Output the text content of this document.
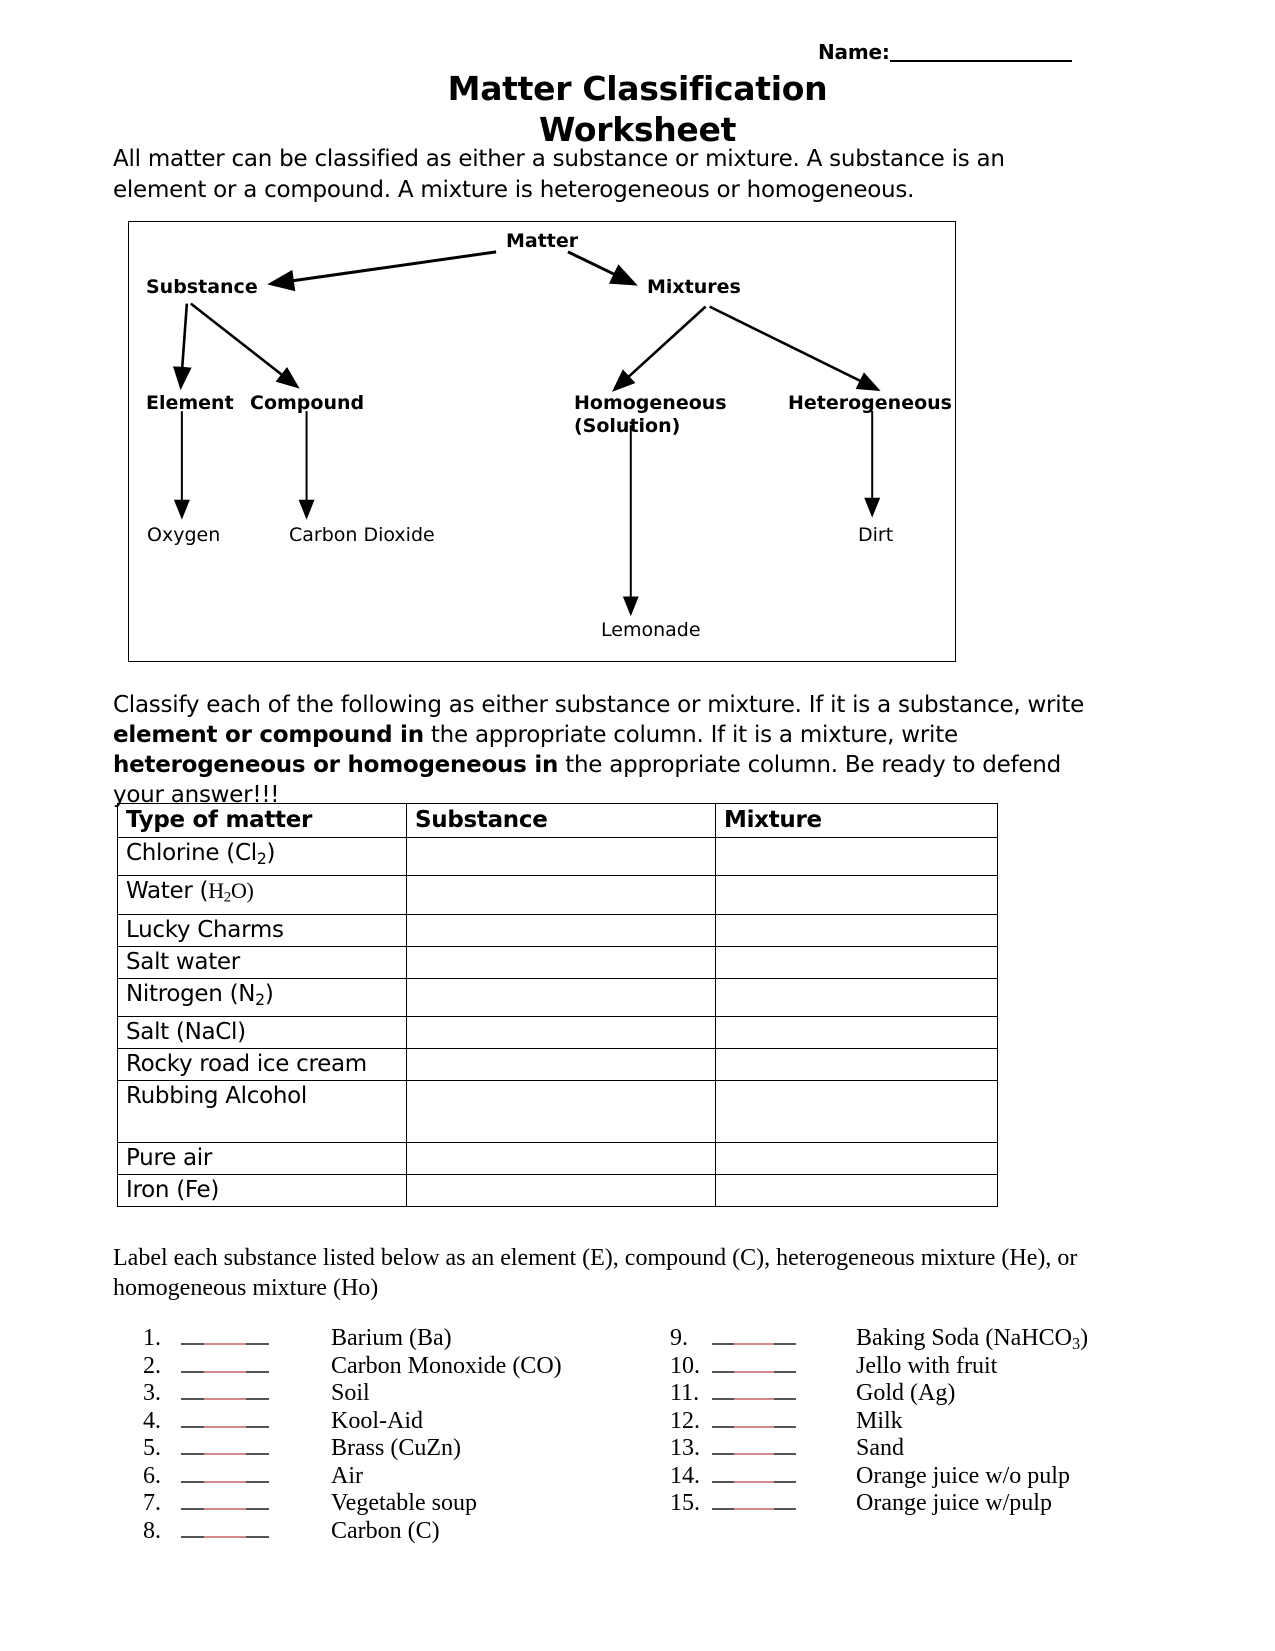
Name:
Matter Classification
Worksheet
All matter can be classified as either a substance or mixture. A substance is an element or a compound. A mixture is heterogeneous or homogeneous.
Matter
Substance	Mixtures
Element Compound	Homogeneous
(Solution)
Heterogeneous
Oxygen	Carbon Dioxide
Lemonade
Dirt
Classify each of the following as either substance or mixture. If it is a substance, write element or compound in the appropriate column. If it is a mixture, write heterogeneous or homogeneous in the appropriate column. Be ready to defend your answer!!!
Type of matter	Substance	Mixture
Chlorine $(Cl_2)$		
Water $(H_2O)$		
Lucky Charms		
Salt water		
Nitrogen $(N_2)$		
Salt (NaCl)		
Rocky road ice cream		
Rubbing Alcohol		
Pure air		
Iron (Fe)		
Label each substance listed below as an element (E), compound (C), heterogeneous mixture (He), or homogeneous mixture (Ho)
1.	Barium (Ba)
2.	Carbon Monoxide (CO)
3.	Soil
4.	Kool-Aid
5.	Brass (CuZn)
6.	Air
7.	Vegetable soup
8.	Carbon (C)
9.	Baking Soda (NaHCO$_3$)
10.	Jello with fruit
11.	Gold (Ag)
12.	Milk
13.	Sand
14.	Orange juice w/o pulp
15.	Orange juice w/pulp
